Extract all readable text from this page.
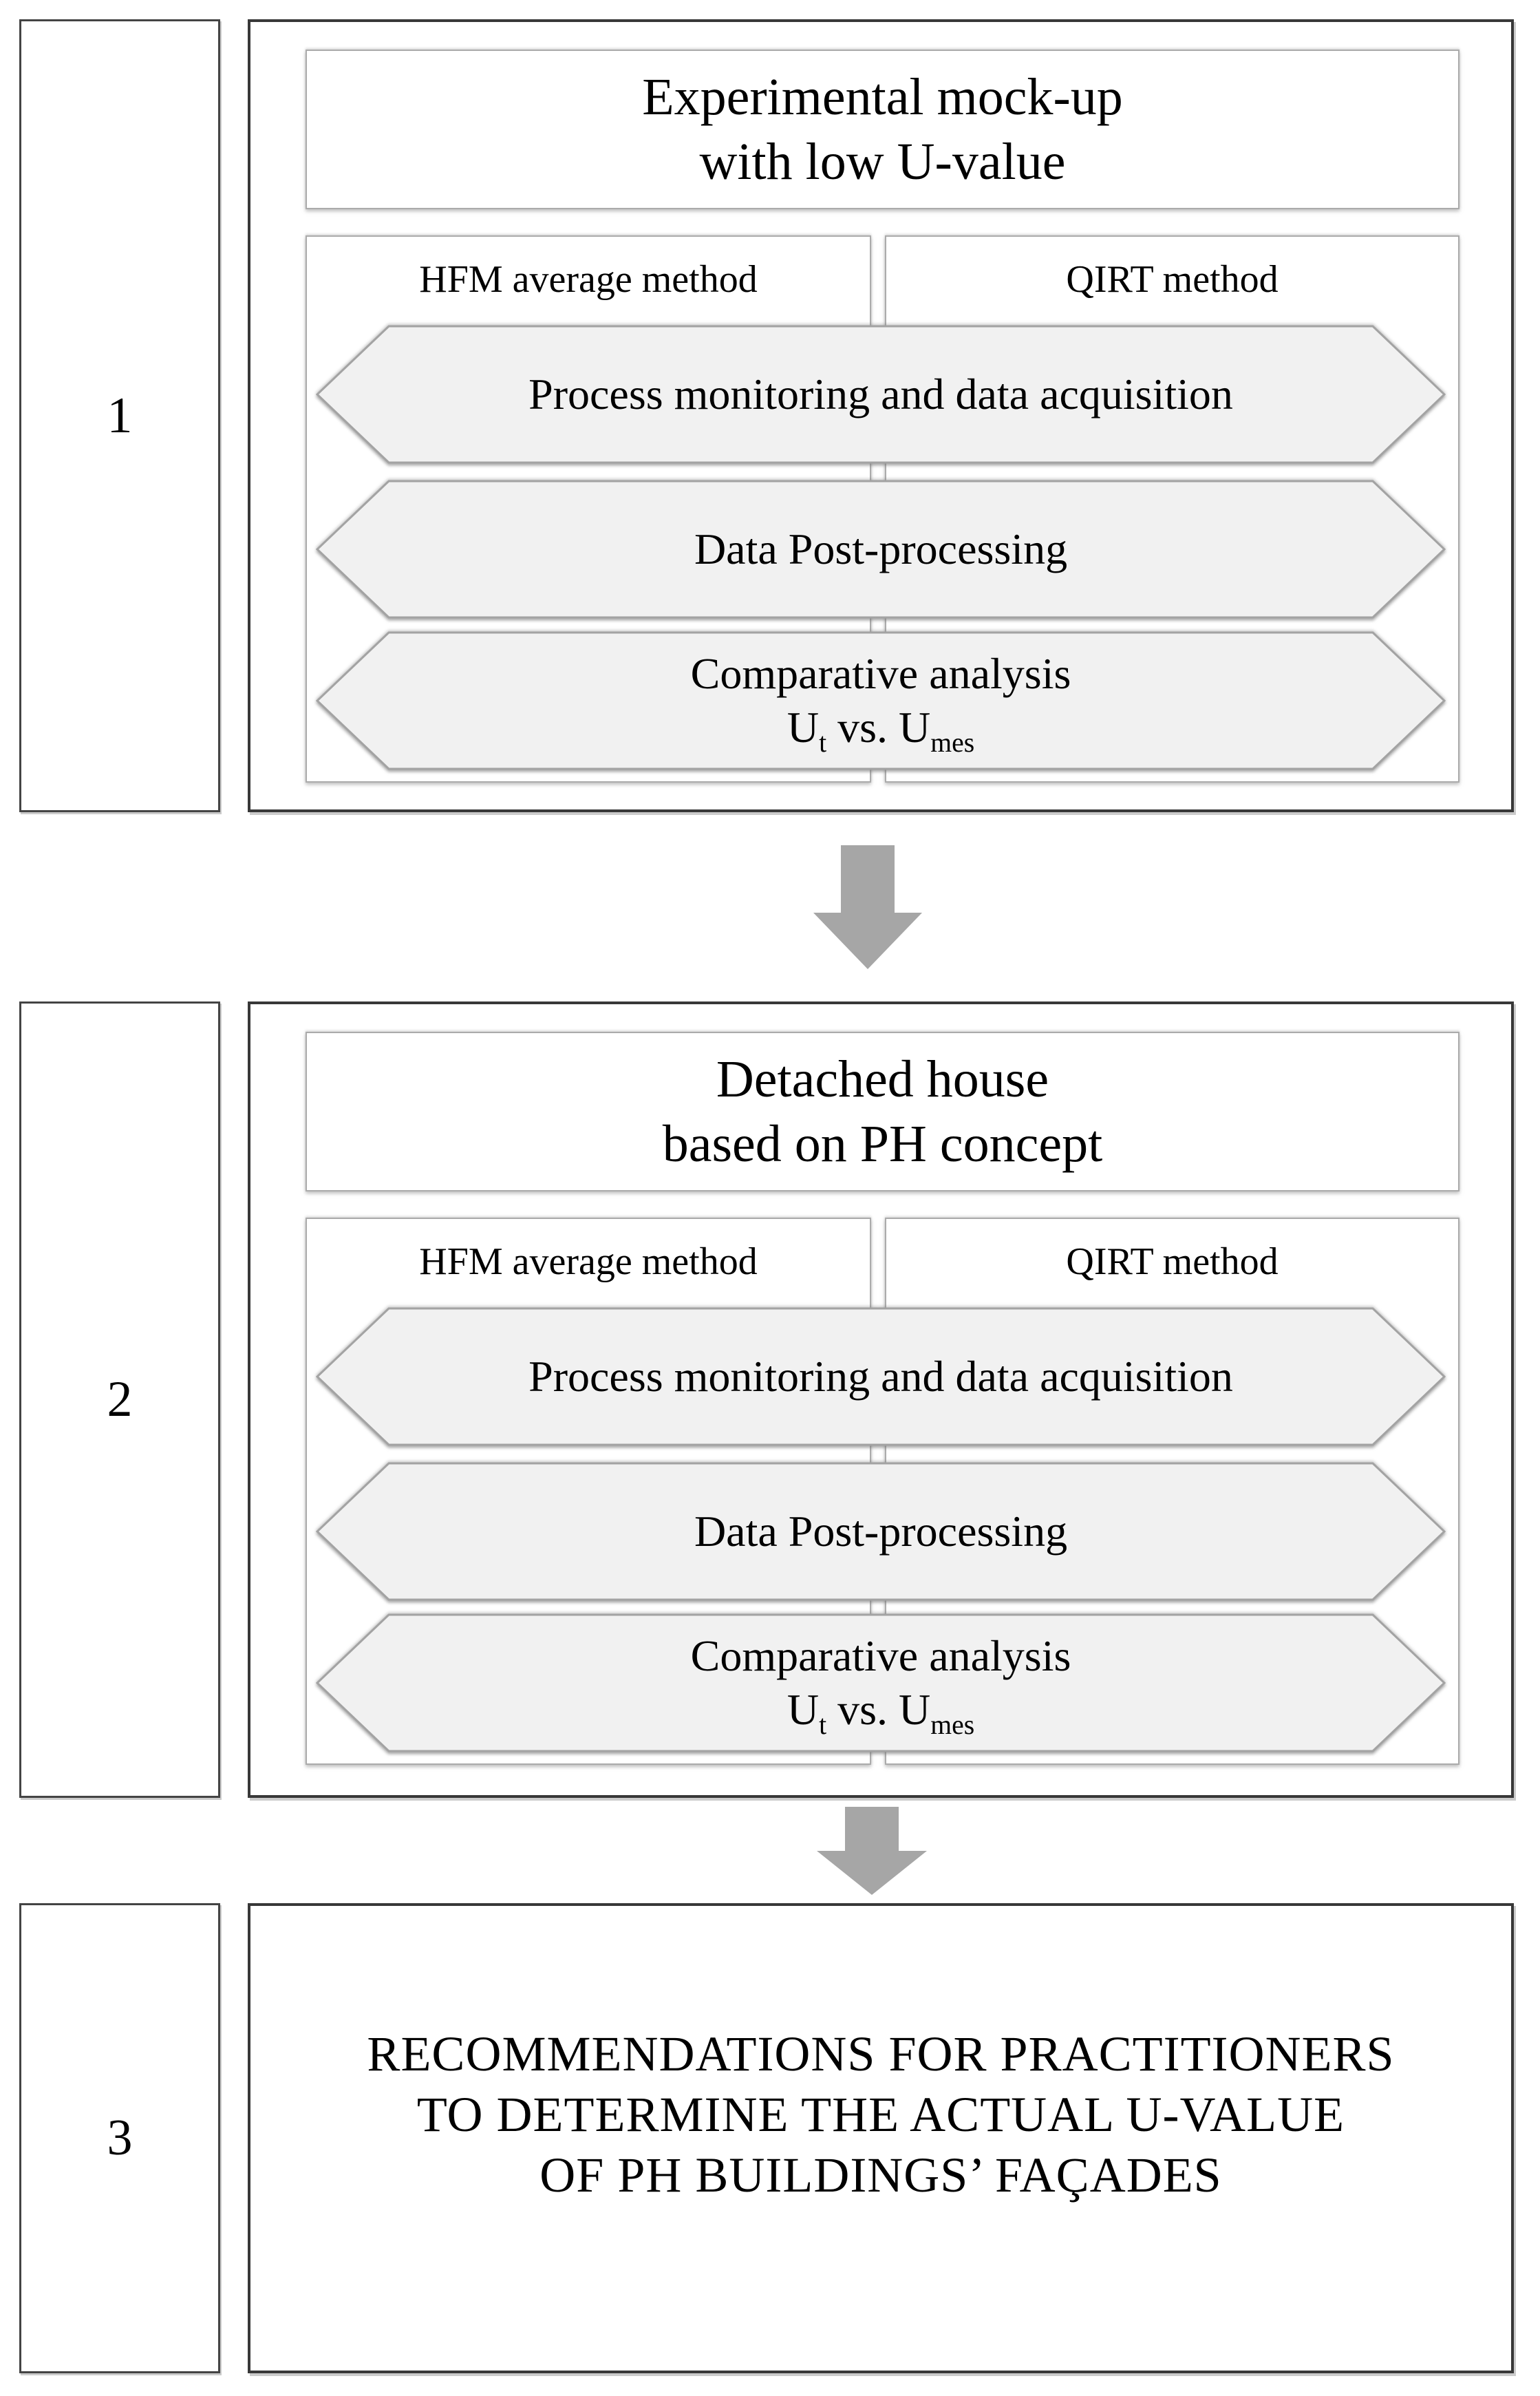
1
Experimental mock-up
with low U-value
HFM average method	QIRT method
Process monitoring and data acquisition
Data Post-processing
Comparative analysis
$U_t$ vs. $U_{mes}$
2
Detached house
based on PH concept
HFM average method	QIRT method
Process monitoring and data acquisition
Data Post-processing
Comparative analysis
$U_t$ vs. $U_{mes}$
3
RECOMMENDATIONS FOR PRACTITIONERS
TO DETERMINE THE ACTUAL U-VALUE
OF PH BUILDINGS’ FAÇADES
